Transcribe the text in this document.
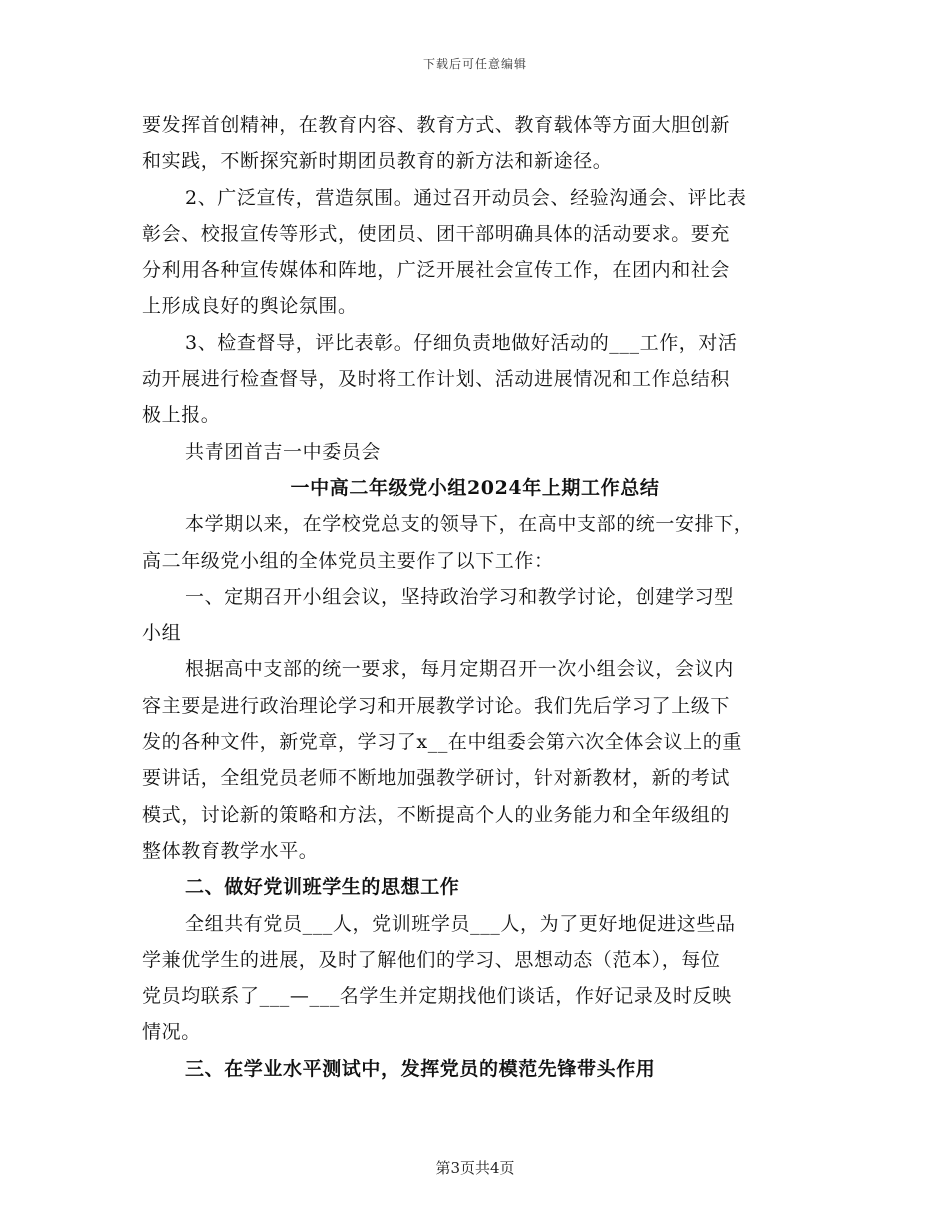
下载后可任意编辑
要发挥首创精神，在教育内容、教育方式、教育载体等方面大胆创新
和实践，不断探究新时期团员教育的新方法和新途径。
2、广泛宣传，营造氛围。通过召开动员会、经验沟通会、评比表
彰会、校报宣传等形式，使团员、团干部明确具体的活动要求。要充
分利用各种宣传媒体和阵地，广泛开展社会宣传工作，在团内和社会
上形成良好的舆论氛围。
3、检查督导，评比表彰。仔细负责地做好活动的___工作，对活
动开展进行检查督导，及时将工作计划、活动进展情况和工作总结积
极上报。
共青团首吉一中委员会
一中高二年级党小组2024年上期工作总结
本学期以来，在学校党总支的领导下，在高中支部的统一安排下，
高二年级党小组的全体党员主要作了以下工作：
一、定期召开小组会议，坚持政治学习和教学讨论，创建学习型
小组
根据高中支部的统一要求，每月定期召开一次小组会议，会议内
容主要是进行政治理论学习和开展教学讨论。我们先后学习了上级下
发的各种文件，新党章，学习了x__在中组委会第六次全体会议上的重
要讲话，全组党员老师不断地加强教学研讨，针对新教材，新的考试
模式，讨论新的策略和方法，不断提高个人的业务能力和全年级组的
整体教育教学水平。
二、做好党训班学生的思想工作
全组共有党员___人，党训班学员___人，为了更好地促进这些品
学兼优学生的进展，及时了解他们的学习、思想动态（范本），每位
党员均联系了___—___名学生并定期找他们谈话，作好记录及时反映
情况。
三、在学业水平测试中，发挥党员的模范先锋带头作用
第3页共4页
